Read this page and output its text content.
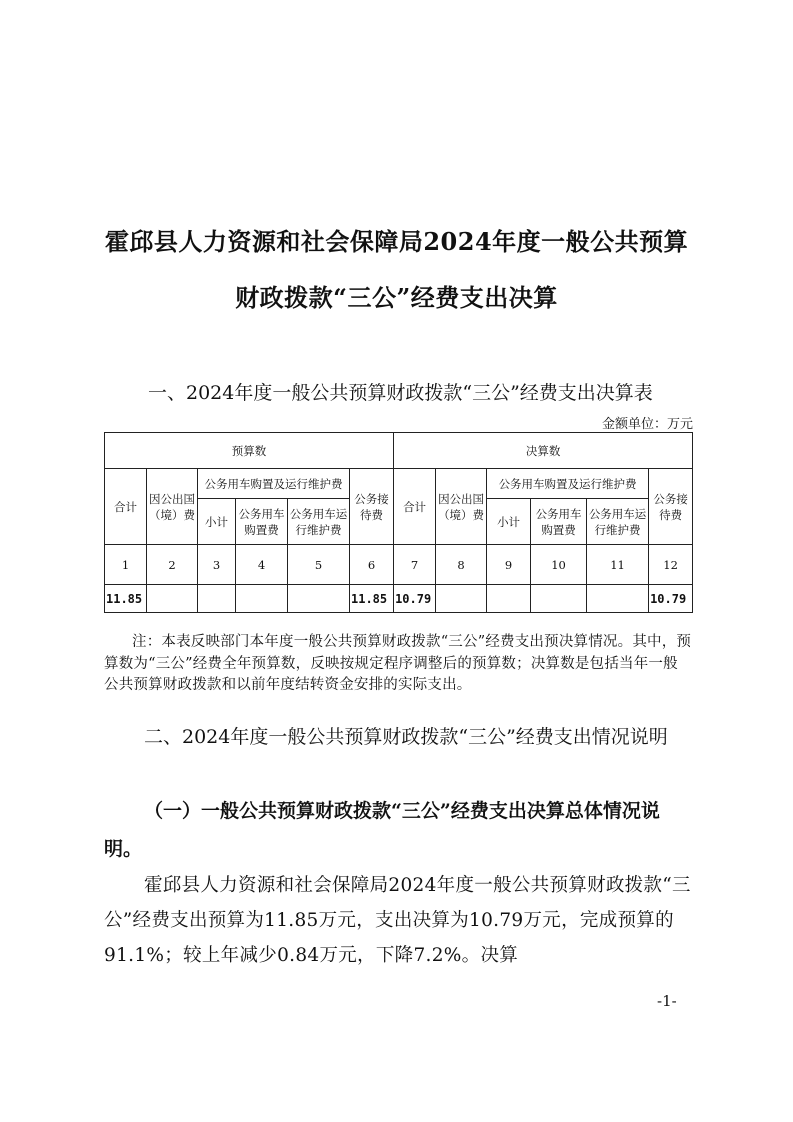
霍邱县人力资源和社会保障局2024年度一般公共预算
财政拨款“三公”经费支出决算
一、2024年度一般公共预算财政拨款“三公”经费支出决算表
金额单位：万元
预算数						决算数					
合计	因公出国（境）费	公务用车购置及运行维护费			公务接待费	合计	因公出国（境）费	公务用车购置及运行维护费			公务接待费
		小计	公务用车购置费	公务用车运行维护费				小计	公务用车购置费	公务用车运行维护费	
1	2	3	4	5	6	7	8	9	10	11	12
11.85					11.85	10.79					10.79
注：本表反映部门本年度一般公共预算财政拨款“三公”经费支出预决算情况。其中，预算数为“三公”经费全年预算数，反映按规定程序调整后的预算数；决算数是包括当年一般公共预算财政拨款和以前年度结转资金安排的实际支出。
二、2024年度一般公共预算财政拨款“三公”经费支出情况说明
（一）一般公共预算财政拨款“三公”经费支出决算总体情况说明。
霍邱县人力资源和社会保障局2024年度一般公共预算财政拨款“三公”经费支出预算为11.85万元，支出决算为10.79万元，完成预算的91.1%；较上年减少0.84万元，下降7.2%。决算
-1-
